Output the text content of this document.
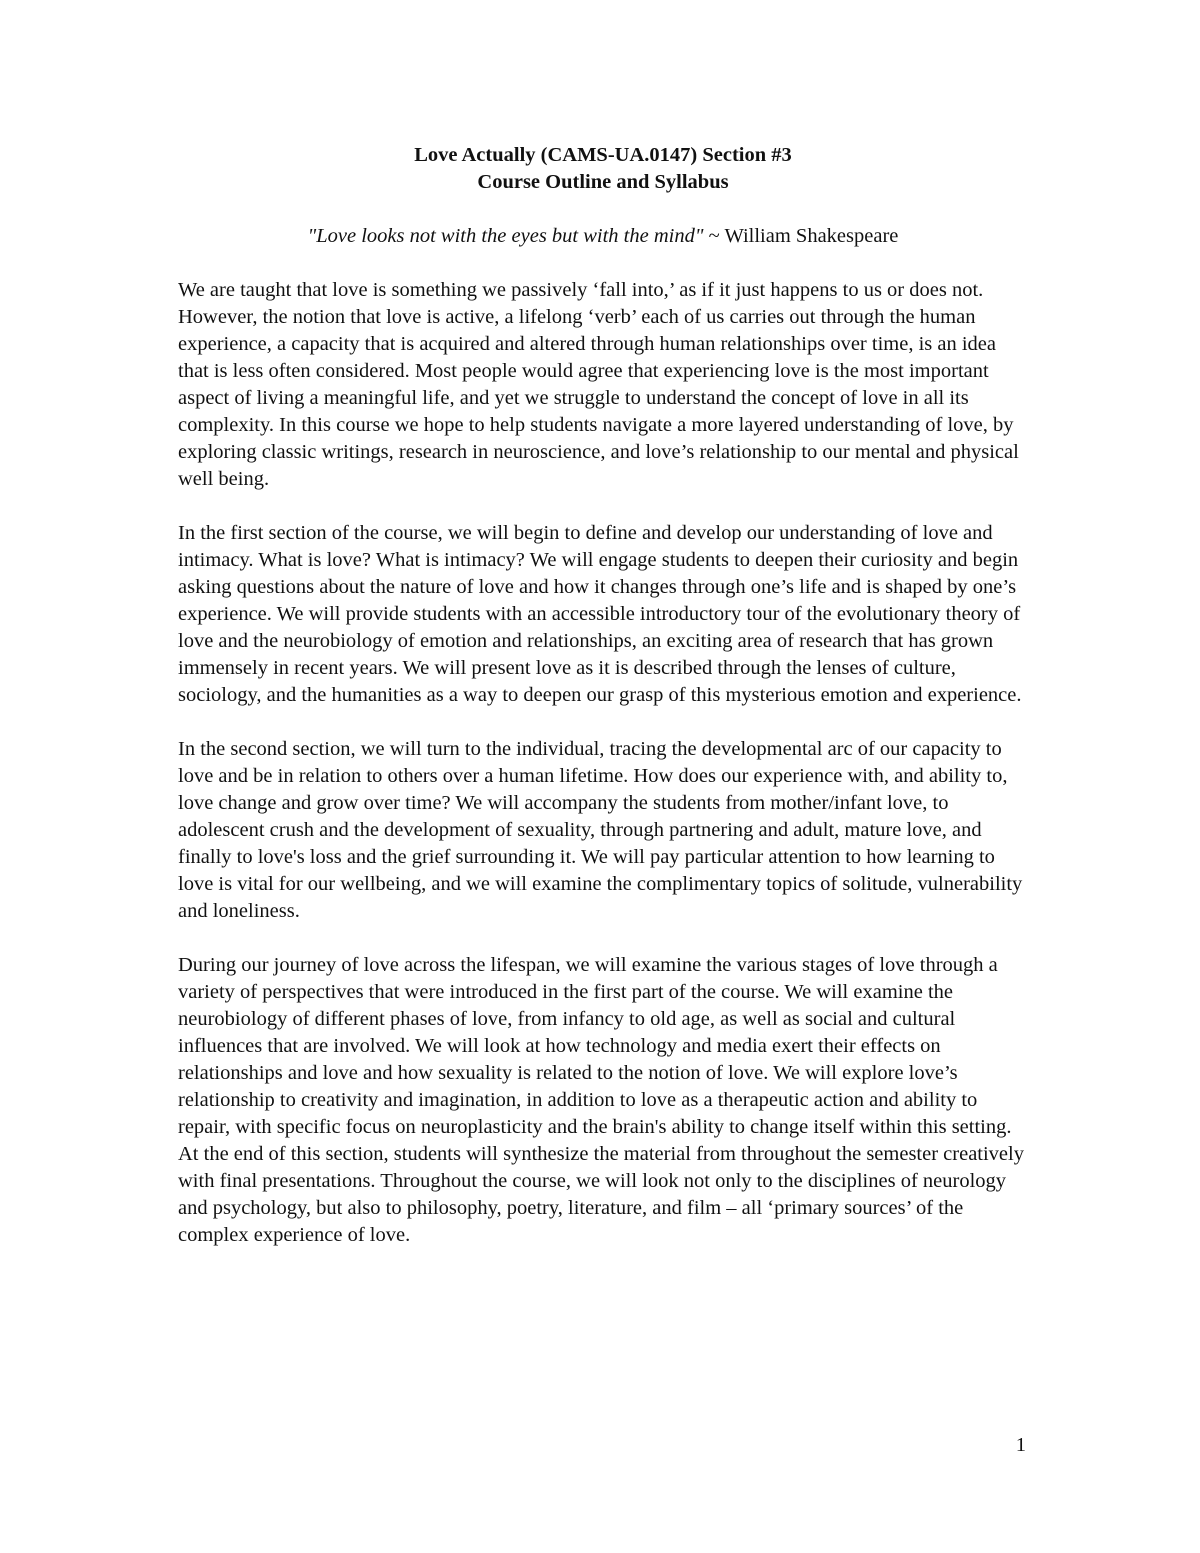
Love Actually (CAMS-UA.0147) Section #3

Course Outline and Syllabus

"Love looks not with the eyes but with the mind" ~ William Shakespeare

We are taught that love is something we passively ‘fall into,’ as if it just happens to us or does not. However, the notion that love is active, a lifelong ‘verb’ each of us carries out through the human experience, a capacity that is acquired and altered through human relationships over time, is an idea that is less often considered. Most people would agree that experiencing love is the most important aspect of living a meaningful life, and yet we struggle to understand the concept of love in all its complexity. In this course we hope to help students navigate a more layered understanding of love, by exploring classic writings, research in neuroscience, and love’s relationship to our mental and physical well being.

In the first section of the course, we will begin to define and develop our understanding of love and intimacy. What is love? What is intimacy? We will engage students to deepen their curiosity and begin asking questions about the nature of love and how it changes through one’s life and is shaped by one’s experience. We will provide students with an accessible introductory tour of the evolutionary theory of love and the neurobiology of emotion and relationships, an exciting area of research that has grown immensely in recent years. We will present love as it is described through the lenses of culture, sociology, and the humanities as a way to deepen our grasp of this mysterious emotion and experience.

In the second section, we will turn to the individual, tracing the developmental arc of our capacity to love and be in relation to others over a human lifetime. How does our experience with, and ability to, love change and grow over time? We will accompany the students from mother/infant love, to adolescent crush and the development of sexuality, through partnering and adult, mature love, and finally to love's loss and the grief surrounding it. We will pay particular attention to how learning to love is vital for our wellbeing, and we will examine the complimentary topics of solitude, vulnerability and loneliness.

During our journey of love across the lifespan, we will examine the various stages of love through a variety of perspectives that were introduced in the first part of the course. We will examine the neurobiology of different phases of love, from infancy to old age, as well as social and cultural influences that are involved. We will look at how technology and media exert their effects on relationships and love and how sexuality is related to the notion of love. We will explore love’s relationship to creativity and imagination, in addition to love as a therapeutic action and ability to repair, with specific focus on neuroplasticity and the brain's ability to change itself within this setting. At the end of this section, students will synthesize the material from throughout the semester creatively with final presentations. Throughout the course, we will look not only to the disciplines of neurology and psychology, but also to philosophy, poetry, literature, and film – all ‘primary sources’ of the complex experience of love.

1
